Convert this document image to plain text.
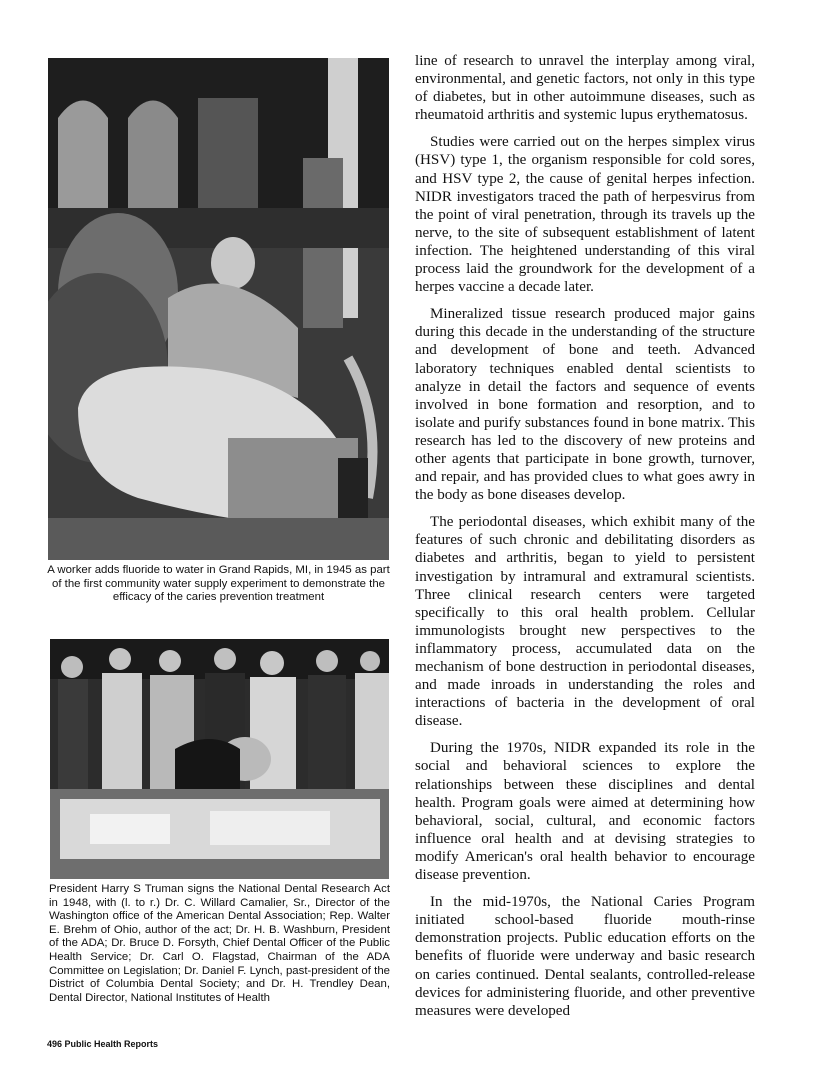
A worker adds fluoride to water in Grand Rapids, MI, in 1945 as part of the first community water supply experiment to demonstrate the efficacy of the caries prevention treatment

President Harry S Truman signs the National Dental Research Act in 1948, with (l. to r.) Dr. C. Willard Camalier, Sr., Director of the Washington office of the American Dental Association; Rep. Walter E. Brehm of Ohio, author of the act; Dr. H. B. Washburn, President of the ADA; Dr. Bruce D. Forsyth, Chief Dental Officer of the Public Health Service; Dr. Carl O. Flagstad, Chairman of the ADA Committee on Legislation; Dr. Daniel F. Lynch, past-president of the District of Columbia Dental Society; and Dr. H. Trendley Dean, Dental Director, National Institutes of Health

line of research to unravel the interplay among viral, environmental, and genetic factors, not only in this type of diabetes, but in other autoimmune diseases, such as rheumatoid arthritis and systemic lupus erythematosus.

Studies were carried out on the herpes simplex virus (HSV) type 1, the organism responsible for cold sores, and HSV type 2, the cause of genital herpes infection. NIDR investigators traced the path of herpesvirus from the point of viral penetration, through its travels up the nerve, to the site of subsequent establishment of latent infection. The heightened understanding of this viral process laid the groundwork for the development of a herpes vaccine a decade later.

Mineralized tissue research produced major gains during this decade in the understanding of the structure and development of bone and teeth. Advanced laboratory techniques enabled dental scientists to analyze in detail the factors and sequence of events involved in bone formation and resorption, and to isolate and purify substances found in bone matrix. This research has led to the discovery of new proteins and other agents that participate in bone growth, turnover, and repair, and has provided clues to what goes awry in the body as bone diseases develop.

The periodontal diseases, which exhibit many of the features of such chronic and debilitating disorders as diabetes and arthritis, began to yield to persistent investigation by intramural and extramural scientists. Three clinical research centers were targeted specifically to this oral health problem. Cellular immunologists brought new perspectives to the inflammatory process, accumulated data on the mechanism of bone destruction in periodontal diseases, and made inroads in understanding the roles and interactions of bacteria in the development of oral disease.

During the 1970s, NIDR expanded its role in the social and behavioral sciences to explore the relationships between these disciplines and dental health. Program goals were aimed at determining how behavioral, social, cultural, and economic factors influence oral health and at devising strategies to modify American's oral health behavior to encourage disease prevention.

In the mid-1970s, the National Caries Program initiated school-based fluoride mouth-rinse demonstration projects. Public education efforts on the benefits of fluoride were underway and basic research on caries continued. Dental sealants, controlled-release devices for administering fluoride, and other preventive measures were developed

496 Public Health Reports
